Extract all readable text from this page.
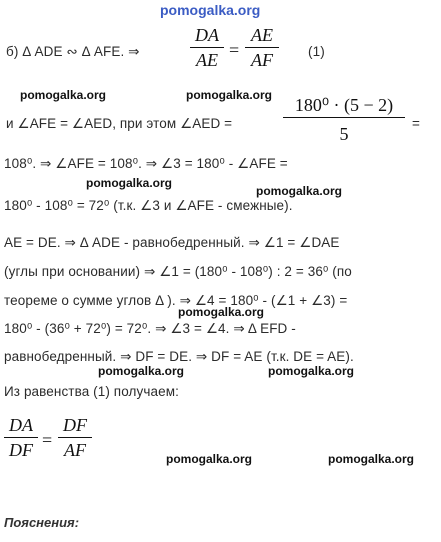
pomogalka.org
б) Δ ADE ∾ Δ AFE. ⇒
DA
AE =
AE
AF	(1)
pomogalka.org	pomogalka.org
и ∠AFE = ∠AED, при этом ∠AED =
180⁰ · (5 − 2)
5
=
108⁰. ⇒ ∠AFE = 108⁰. ⇒ ∠3 = 180⁰ - ∠AFE =
pomogalka.org
pomogalka.org
180⁰ - 108⁰ = 72⁰ (т.к. ∠3 и ∠AFE - смежные).
AE = DE. ⇒ Δ ADE - равнобедренный. ⇒ ∠1 = ∠DAE
(углы при основании) ⇒ ∠1 = (180⁰ - 108⁰) : 2 = 36⁰ (по
теореме о сумме углов Δ ). ⇒ ∠4 = 180⁰ - (∠1 + ∠3) =
pomogalka.org
180⁰ - (36⁰ + 72⁰) = 72⁰. ⇒ ∠3 = ∠4. ⇒ Δ EFD -
равнобедренный. ⇒ DF = DE. ⇒ DF = AE (т.к. DE = AE).
pomogalka.org	pomogalka.org
Из равенства (1) получаем:
DA
DF =
DF
AF	pomogalka.org	pomogalka.org
Пояснения:
